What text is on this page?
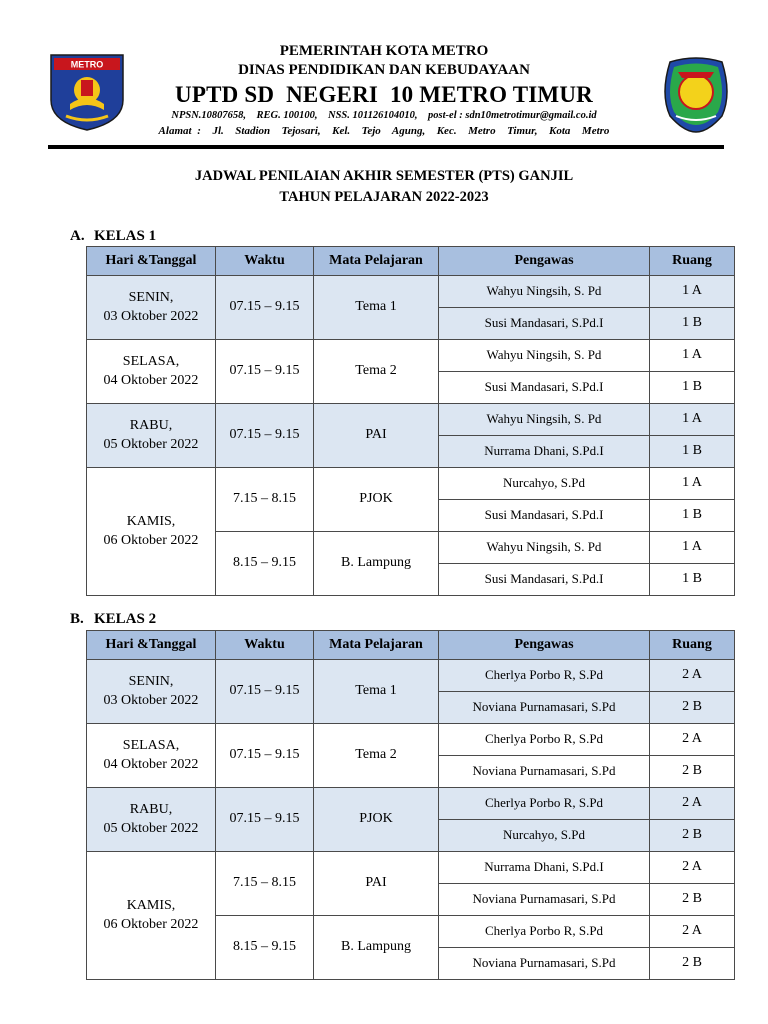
METRO
PEMERINTAH KOTA METRO
DINAS PENDIDIKAN DAN KEBUDAYAAN
UPTD SD  NEGERI  10 METRO TIMUR
NPSN.10807658,    REG. 100100,    NSS. 101126104010,    post-el : sdn10metrotimur@gmail.co.id
Alamat :  Jl.  Stadion  Tejosari,  Kel.  Tejo  Agung,  Kec.  Metro  Timur,  Kota  Metro
JADWAL PENILAIAN AKHIR SEMESTER (PTS) GANJIL
TAHUN PELAJARAN 2022-2023
A. KELAS 1
Hari &Tanggal	Waktu	Mata Pelajaran	Pengawas	Ruang

SENIN,
03 Oktober 2022	07.15 – 9.15	Tema 1	Wahyu Ningsih, S. Pd	1 A
			Susi Mandasari, S.Pd.I	1 B

SELASA,
04 Oktober 2022	07.15 – 9.15	Tema 2	Wahyu Ningsih, S. Pd	1 A
			Susi Mandasari, S.Pd.I	1 B

RABU,
05 Oktober 2022	07.15 – 9.15	PAI	Wahyu Ningsih, S. Pd	1 A
			Nurrama Dhani, S.Pd.I	1 B

KAMIS,
06 Oktober 2022	7.15 – 8.15	PJOK	Nurcahyo, S.Pd	1 A
			Susi Mandasari, S.Pd.I	1 B
	8.15 – 9.15	B. Lampung	Wahyu Ningsih, S. Pd	1 A
			Susi Mandasari, S.Pd.I	1 B
B. KELAS 2
Hari &Tanggal	Waktu	Mata Pelajaran	Pengawas	Ruang

SENIN,
03 Oktober 2022	07.15 – 9.15	Tema 1	Cherlya Porbo R, S.Pd	2 A
			Noviana Purnamasari, S.Pd	2 B

SELASA,
04 Oktober 2022	07.15 – 9.15	Tema 2	Cherlya Porbo R, S.Pd	2 A
			Noviana Purnamasari, S.Pd	2 B

RABU,
05 Oktober 2022	07.15 – 9.15	PJOK	Cherlya Porbo R, S.Pd	2 A
			Nurcahyo, S.Pd	2 B

KAMIS,
06 Oktober 2022	7.15 – 8.15	PAI	Nurrama Dhani, S.Pd.I	2 A
			Noviana Purnamasari, S.Pd	2 B
	8.15 – 9.15	B. Lampung	Cherlya Porbo R, S.Pd	2 A
			Noviana Purnamasari, S.Pd	2 B
